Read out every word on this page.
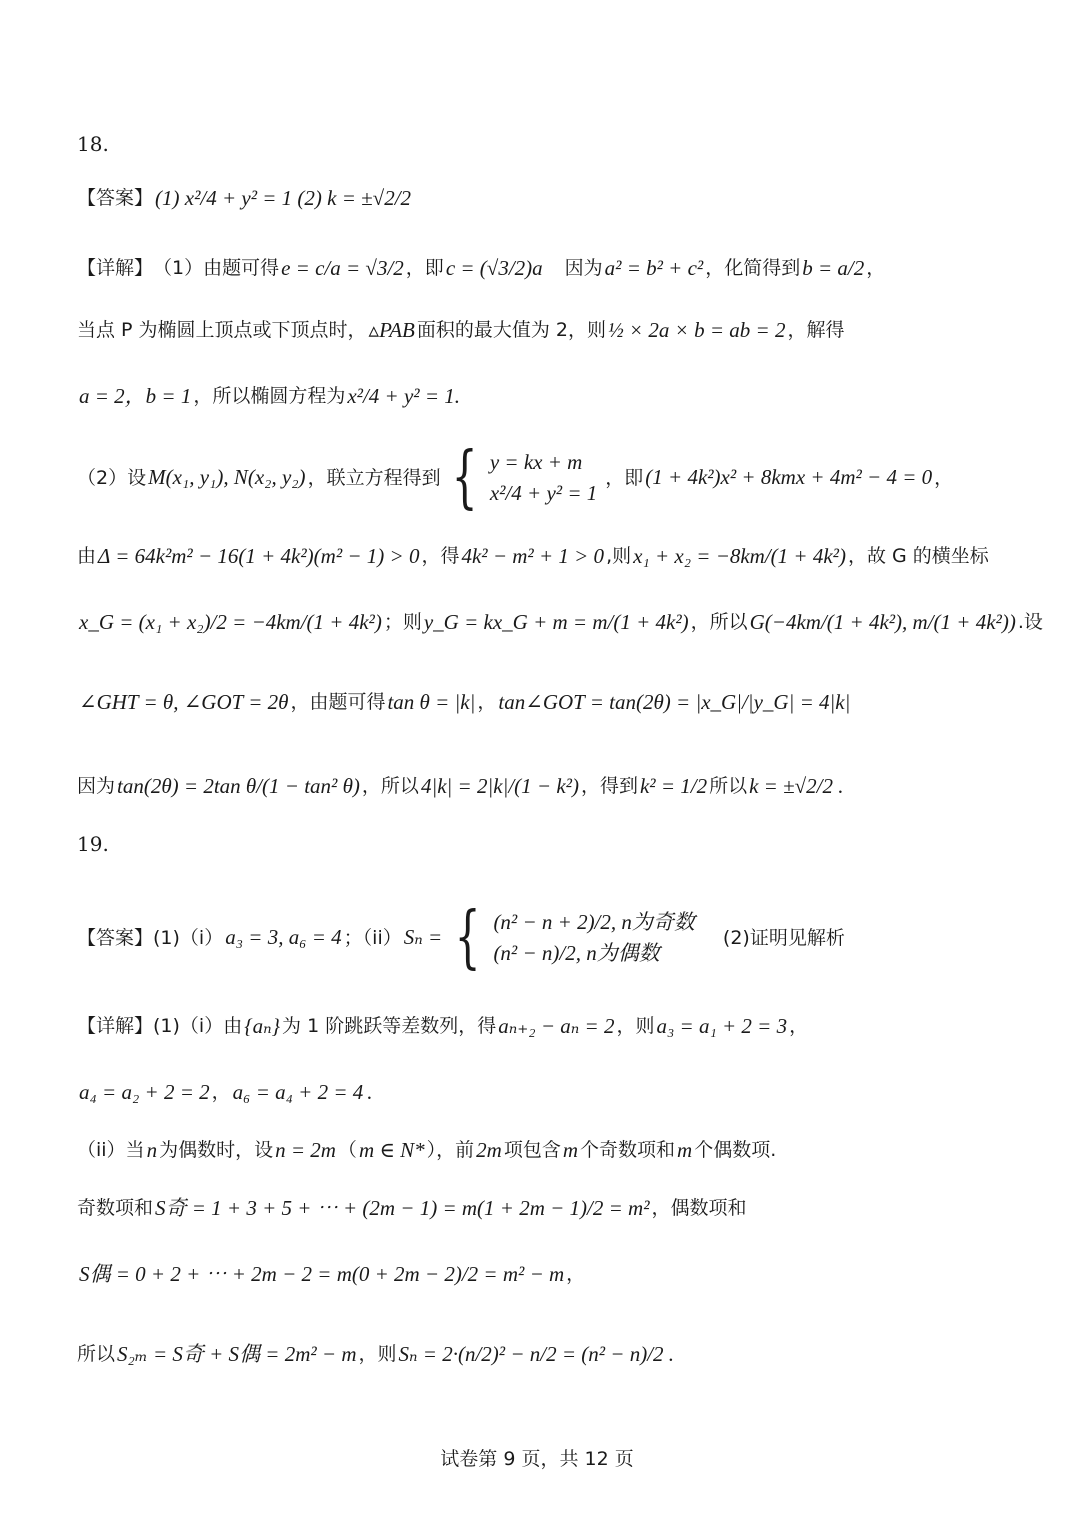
18.
【答案】 (1) x²/4 + y² = 1 (2) k = ±√2/2
【详解】 （1）由题可得 e = c/a = √3/2 ，即 c = (√3/2)a 因为 a² = b² + c² ，化简得到 b = a/2 ，
当点 P 为椭圆上顶点或下顶点时， ▵PAB 面积的最大值为 2，则 ½ × 2a × b = ab = 2 ，解得
a = 2，b = 1 ，所以椭圆方程为 x²/4 + y² = 1.
（2）设 M(x₁, y₁), N(x₂, y₂) ，联立方程得到 { y = kx + m
x²/4 + y² = 1
，即 (1 + 4k²)x² + 8kmx + 4m² − 4 = 0 ，
由 Δ = 64k²m² − 16(1 + 4k²)(m² − 1) > 0 ，得 4k² − m² + 1 > 0 ,则 x₁ + x₂ = −8km/(1 + 4k²) ，故 G 的横坐标
x_G = (x₁ + x₂)/2 = −4km/(1 + 4k²) ；则 y_G = kx_G + m = m/(1 + 4k²) ，所以 G(−4km/(1 + 4k²), m/(1 + 4k²)) .设
∠GHT = θ, ∠GOT = 2θ ，由题可得 tan θ = |k| ， tan∠GOT = tan(2θ) = |x_G|/|y_G| = 4|k|
因为 tan(2θ) = 2tan θ/(1 − tan² θ) ，所以 4|k| = 2|k|/(1 − k²) ，得到 k² = 1/2 所以 k = ±√2/2 .
19.
【答案】 (1)（i） a₃ = 3, a₆ = 4 ；（ii） Sₙ = { (n² − n + 2)/2, n为奇数
(n² − n)/2, n为偶数
(2)证明见解析
【详解】 (1)（i）由 {aₙ} 为 1 阶跳跃等差数列，得 aₙ₊₂ − aₙ = 2 ，则 a₃ = a₁ + 2 = 3 ，
a₄ = a₂ + 2 = 2 ， a₆ = a₄ + 2 = 4 .
（ii）当 n 为偶数时，设 n = 2m （ m ∈ N* ），前 2m 项包含 m 个奇数项和 m 个偶数项.
奇数项和 S奇 = 1 + 3 + 5 + ⋯ + (2m − 1) = m(1 + 2m − 1)/2 = m² ，偶数项和
S偶 = 0 + 2 + ⋯ + 2m − 2 = m(0 + 2m − 2)/2 = m² − m ，
所以 S₂ₘ = S奇 + S偶 = 2m² − m ，则 Sₙ = 2·(n/2)² − n/2 = (n² − n)/2 .
试卷第 9 页，共 12 页
